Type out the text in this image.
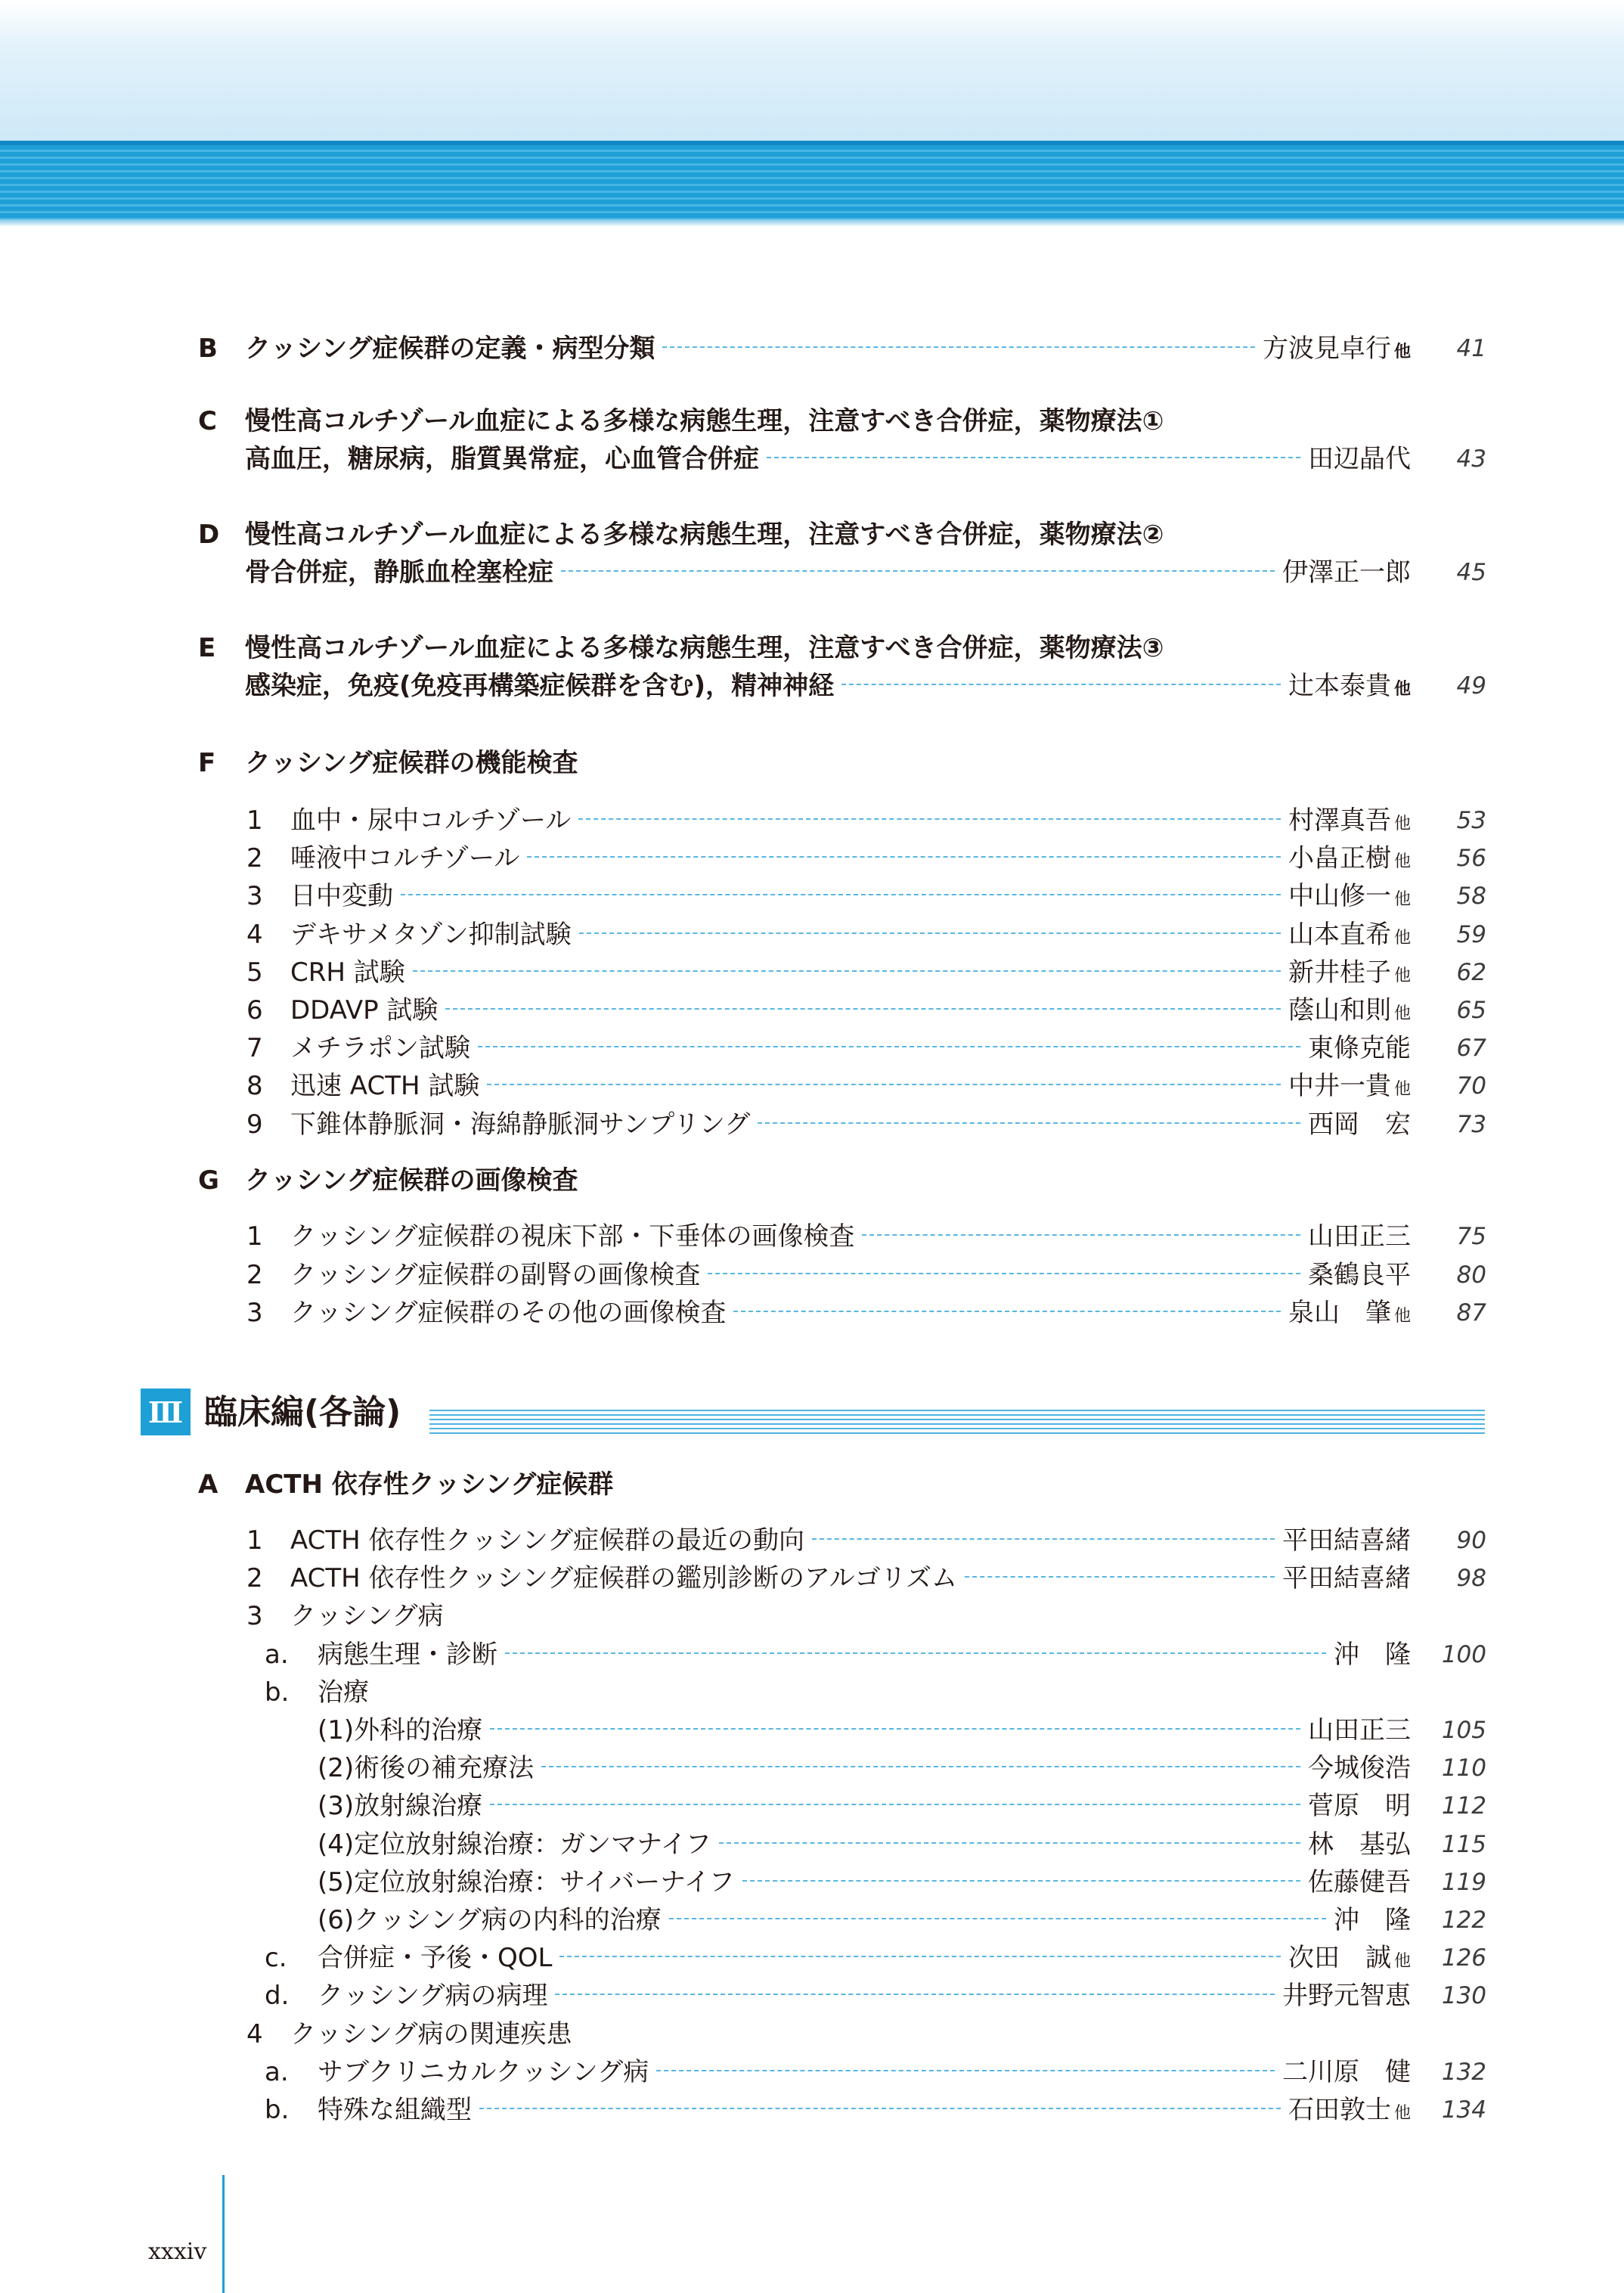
B	クッシング症候群の定義・病型分類	方波見卓行 他	41
C 慢性高コルチゾール血症による多様な病態生理，注意すべき合併症，薬物療法①
高血圧，糖尿病，脂質異常症，心血管合併症	田辺晶代	43
D 慢性高コルチゾール血症による多様な病態生理，注意すべき合併症，薬物療法②
骨合併症，静脈血栓塞栓症	伊澤正一郎	45
E 慢性高コルチゾール血症による多様な病態生理，注意すべき合併症，薬物療法③
感染症，免疫(免疫再構築症候群を含む)，精神神経	辻本泰貴 他	49
F クッシング症候群の機能検査
1	血中・尿中コルチゾール	村澤真吾 他	53
2	唾液中コルチゾール	小畠正樹 他	56
3	日中変動	中山修一 他	58
4	デキサメタゾン抑制試験	山本直希 他	59
5	CRH 試験	新井桂子 他	62
6	DDAVP 試験	蔭山和則 他	65
7	メチラポン試験	東條克能	67
8	迅速 ACTH 試験	中井一貴 他	70
9	下錐体静脈洞・海綿静脈洞サンプリング	西岡　宏	73
G クッシング症候群の画像検査
1	クッシング症候群の視床下部・下垂体の画像検査	山田正三	75
2	クッシング症候群の副腎の画像検査	桑鶴良平	80
3	クッシング症候群のその他の画像検査	泉山　肇 他	87
A ACTH 依存性クッシング症候群
1	ACTH 依存性クッシング症候群の最近の動向	平田結喜緒	90
2	ACTH 依存性クッシング症候群の鑑別診断のアルゴリズム	平田結喜緒	98
3	クッシング病
a.	病態生理・診断	沖　隆	100
b.	治療
(1)外科的治療	山田正三	105
(2)術後の補充療法	今城俊浩	110
(3)放射線治療	菅原　明	112
(4)定位放射線治療：ガンマナイフ	林　基弘	115
(5)定位放射線治療：サイバーナイフ	佐藤健吾	119
(6)クッシング病の内科的治療	沖　隆	122
c.	合併症・予後・QOL	次田　誠 他	126
d.	クッシング病の病理	井野元智恵	130
4	クッシング病の関連疾患
a.	サブクリニカルクッシング病	二川原　健	132
b.	特殊な組織型	石田敦士 他	134
Ⅲ 臨床編(各論)
xxxiv
